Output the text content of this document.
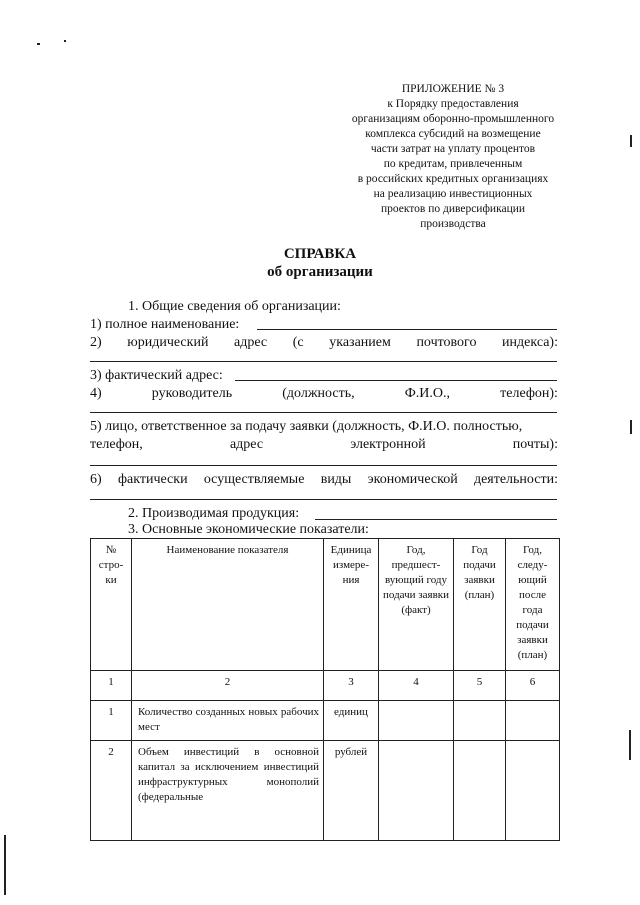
ПРИЛОЖЕНИЕ № 3
к Порядку предоставления
организациям оборонно-промышленного
комплекса субсидий на возмещение
части затрат на уплату процентов
по кредитам, привлеченным
в российских кредитных организациях
на реализацию инвестиционных
проектов по диверсификации
производства
СПРАВКА
об организации
1. Общие сведения об организации:
1) полное наименование:
2) юридический адрес (с указанием почтового индекса):
3) фактический адрес:
4)	руководитель	(должность,	Ф.И.О.,	телефон):
5) лицо, ответственное за подачу заявки (должность, Ф.И.О. полностью,
телефон,	адрес	электронной	почты):
6) фактически осуществляемые виды экономической деятельности:
2. Производимая продукция:
3. Основные экономические показатели:
№ стро-ки	Наименование показателя	Единица измере-ния	Год, предшест-вующий году подачи заявки (факт)	Год подачи заявки (план)	Год, следу-ющий после года подачи заявки (план)
1	2	3	4	5	6
1	Количество созданных новых рабочих мест	единиц			
2	Объем инвестиций в основной капитал за исключением инвестиций инфраструктурных монополий (федеральные	рублей			
